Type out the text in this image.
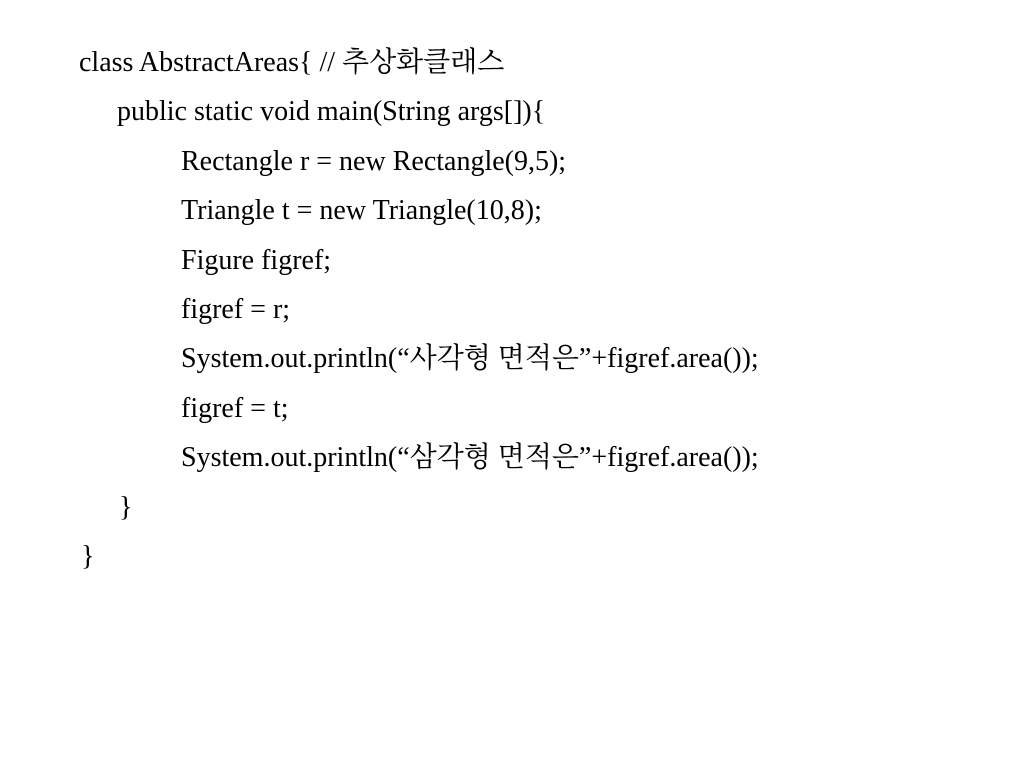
class AbstractAreas{ // 추상화클래스
public static void main(String args[]){
Rectangle r = new Rectangle(9,5);
Triangle t = new Triangle(10,8);
Figure figref;
figref = r;
System.out.println(“사각형 면적은”+figref.area());
figref = t;
System.out.println(“삼각형 면적은”+figref.area());
}
}
